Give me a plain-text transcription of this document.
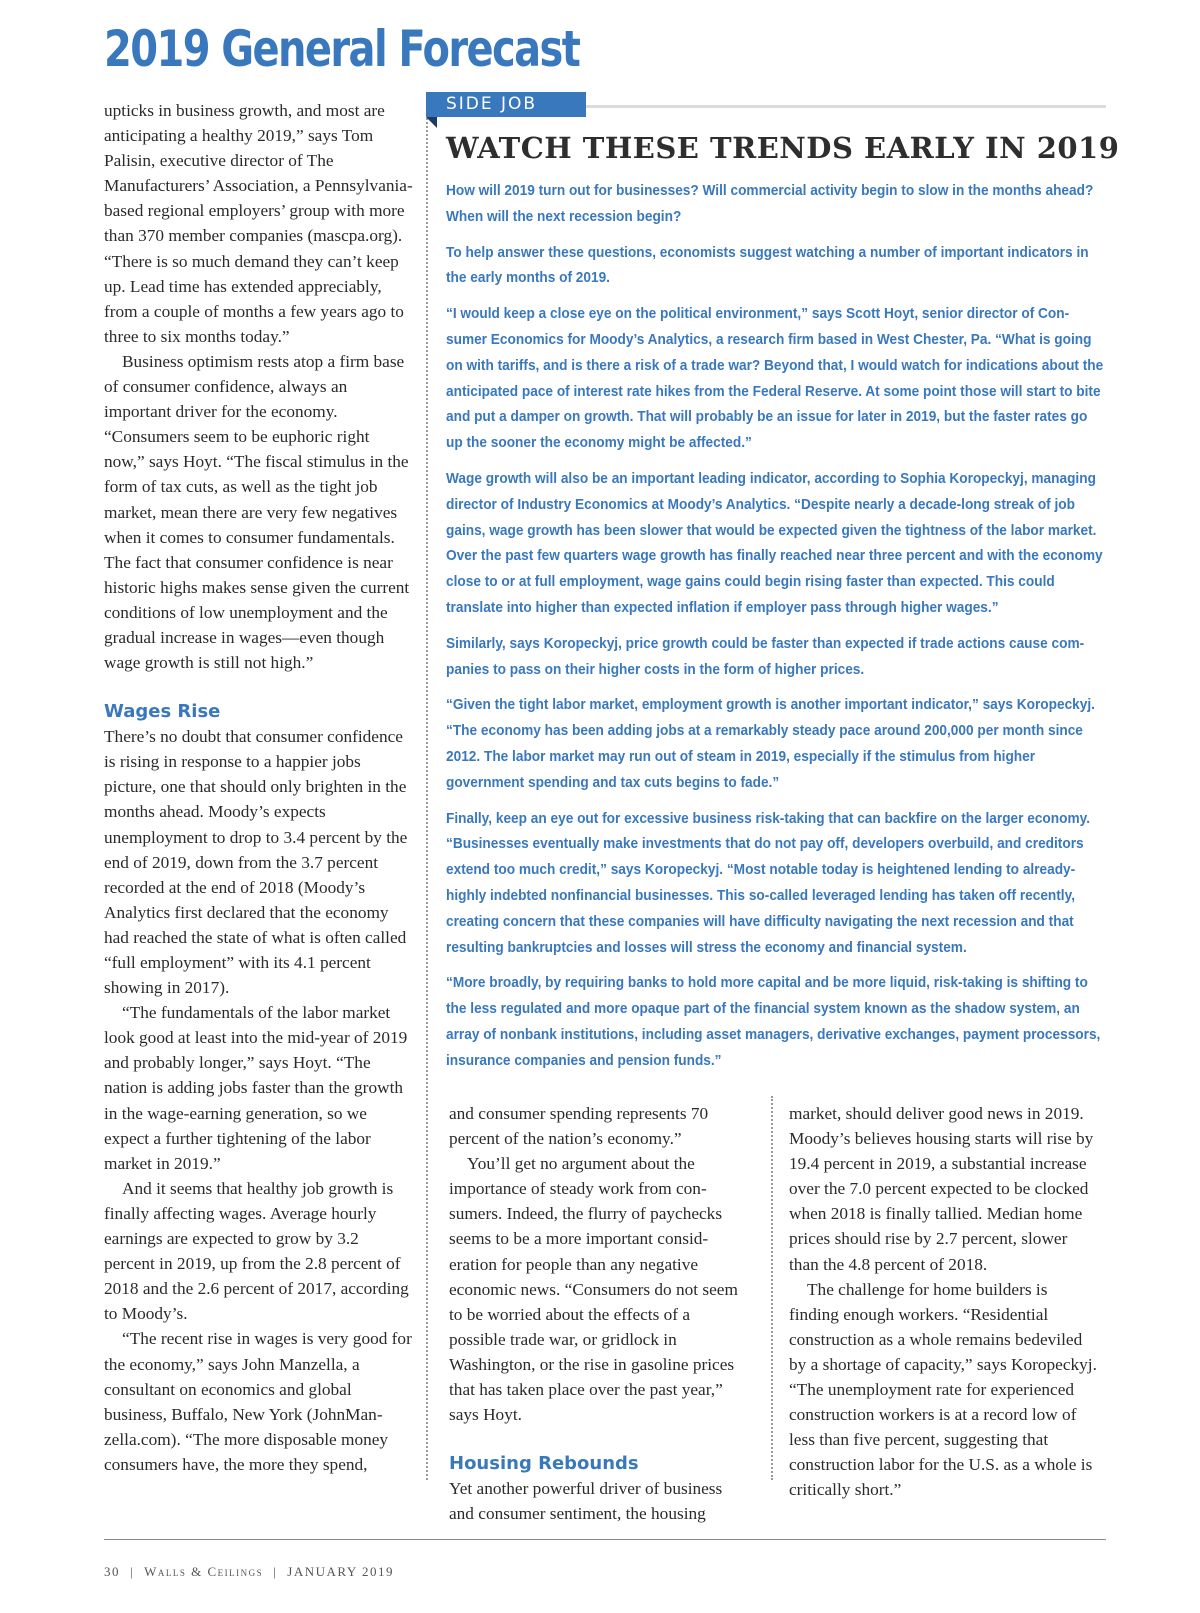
2019 General Forecast

upticks in business growth, and most are anticipating a healthy 2019,” says Tom Palisin, executive director of The Manufacturers’ Association, a Pennsylvania-based regional employers’ group with more than 370 member companies (mascpa.org). “There is so much demand they can’t keep up. Lead time has extended appreciably, from a couple of months a few years ago to three to six months today.”

Business optimism rests atop a firm base of consumer confidence, always an important driver for the economy. “Consumers seem to be euphoric right now,” says Hoyt. “The fiscal stimulus in the form of tax cuts, as well as the tight job market, mean there are very few negatives when it comes to consumer fundamentals. The fact that consumer confidence is near historic highs makes sense given the current conditions of low unemployment and the gradual increase in wages—even though wage growth is still not high.”

Wages Rise

There’s no doubt that consumer confidence is rising in response to a happier jobs picture, one that should only brighten in the months ahead. Moody’s expects unemployment to drop to 3.4 percent by the end of 2019, down from the 3.7 percent recorded at the end of 2018 (Moody’s Analytics first declared that the economy had reached the state of what is often called “full employment” with its 4.1 percent showing in 2017).

“The fundamentals of the labor market look good at least into the mid-year of 2019 and probably longer,” says Hoyt. “The nation is adding jobs faster than the growth in the wage-earning generation, so we expect a further tightening of the labor market in 2019.”

And it seems that healthy job growth is finally affecting wages. Average hourly earnings are expected to grow by 3.2 percent in 2019, up from the 2.8 percent of 2018 and the 2.6 percent of 2017, according to Moody’s.

“The recent rise in wages is very good for the economy,” says John Manzella, a consultant on economics and global business, Buffalo, New York (JohnManzella.com). “The more disposable money consumers have, the more they spend,

SIDE JOB
WATCH THESE TRENDS EARLY IN 2019

How will 2019 turn out for businesses? Will commercial activity begin to slow in the months ahead? When will the next recession begin?

To help answer these questions, economists suggest watching a number of important indicators in the early months of 2019.

“I would keep a close eye on the political environment,” says Scott Hoyt, senior director of Consumer Economics for Moody’s Analytics, a research firm based in West Chester, Pa. “What is going on with tariffs, and is there a risk of a trade war? Beyond that, I would watch for indications about the anticipated pace of interest rate hikes from the Federal Reserve. At some point those will start to bite and put a damper on growth. That will probably be an issue for later in 2019, but the faster rates go up the sooner the economy might be affected.”

Wage growth will also be an important leading indicator, according to Sophia Koropeckyj, managing director of Industry Economics at Moody’s Analytics. “Despite nearly a decade-long streak of job gains, wage growth has been slower that would be expected given the tightness of the labor market. Over the past few quarters wage growth has finally reached near three percent and with the economy close to or at full employment, wage gains could begin rising faster than expected. This could translate into higher than expected inflation if employer pass through higher wages.”

Similarly, says Koropeckyj, price growth could be faster than expected if trade actions cause companies to pass on their higher costs in the form of higher prices.

“Given the tight labor market, employment growth is another important indicator,” says Koropeckyj. “The economy has been adding jobs at a remarkably steady pace around 200,000 per month since 2012. The labor market may run out of steam in 2019, especially if the stimulus from higher government spending and tax cuts begins to fade.”

Finally, keep an eye out for excessive business risk-taking that can backfire on the larger economy. “Businesses eventually make investments that do not pay off, developers overbuild, and creditors extend too much credit,” says Koropeckyj. “Most notable today is heightened lending to already-highly indebted nonfinancial businesses. This so-called leveraged lending has taken off recently, creating concern that these companies will have difficulty navigating the next recession and that resulting bankruptcies and losses will stress the economy and financial system.

“More broadly, by requiring banks to hold more capital and be more liquid, risk-taking is shifting to the less regulated and more opaque part of the financial system known as the shadow system, an array of nonbank institutions, including asset managers, derivative exchanges, payment processors, insurance companies and pension funds.”

and consumer spending represents 70 percent of the nation’s economy.”

You’ll get no argument about the importance of steady work from consumers. Indeed, the flurry of paychecks seems to be a more important consideration for people than any negative economic news. “Consumers do not seem to be worried about the effects of a possible trade war, or gridlock in Washington, or the rise in gasoline prices that has taken place over the past year,” says Hoyt.

Housing Rebounds

Yet another powerful driver of business and consumer sentiment, the housing

market, should deliver good news in 2019. Moody’s believes housing starts will rise by 19.4 percent in 2019, a substantial increase over the 7.0 percent expected to be clocked when 2018 is finally tallied. Median home prices should rise by 2.7 percent, slower than the 4.8 percent of 2018.

The challenge for home builders is finding enough workers. “Residential construction as a whole remains bedeviled by a shortage of capacity,” says Koropeckyj. “The unemployment rate for experienced construction workers is at a record low of less than five percent, suggesting that construction labor for the U.S. as a whole is critically short.”

30 | Walls & Ceilings | JANUARY 2019
